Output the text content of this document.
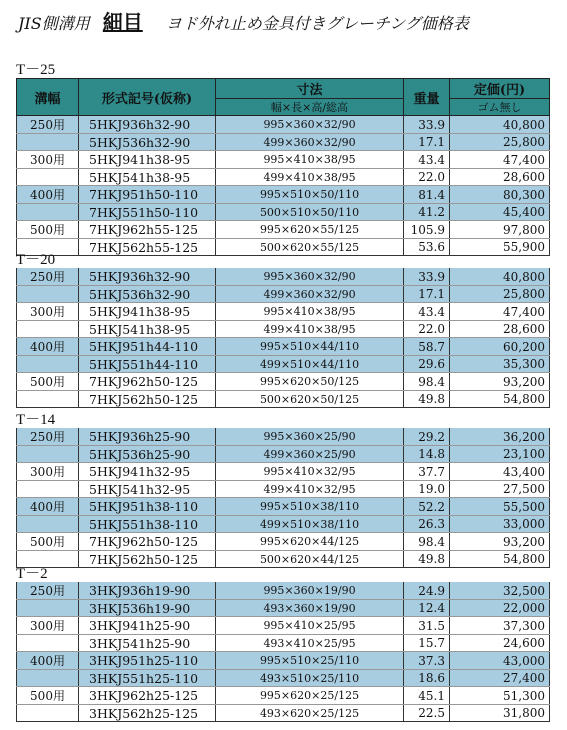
JIS側溝用 細目 ヨド外れ止め金具付きグレーチング価格表
T－25
溝幅	形式記号(仮称)	寸法	重量	定価(円)
		幅×長×高/総高		ゴム無し
250用	5HKJ936h32-90	995×360×32/90	33.9	40,800
	5HKJ536h32-90	499×360×32/90	17.1	25,800
300用	5HKJ941h38-95	995×410×38/95	43.4	47,400
	5HKJ541h38-95	499×410×38/95	22.0	28,600
400用	7HKJ951h50-110	995×510×50/110	81.4	80,300
	7HKJ551h50-110	500×510×50/110	41.2	45,400
500用	7HKJ962h55-125	995×620×55/125	105.9	97,800
	7HKJ562h55-125	500×620×55/125	53.6	55,900
T－20
250用	5HKJ936h32-90	995×360×32/90	33.9	40,800
	5HKJ536h32-90	499×360×32/90	17.1	25,800
300用	5HKJ941h38-95	995×410×38/95	43.4	47,400
	5HKJ541h38-95	499×410×38/95	22.0	28,600
400用	5HKJ951h44-110	995×510×44/110	58.7	60,200
	5HKJ551h44-110	499×510×44/110	29.6	35,300
500用	7HKJ962h50-125	995×620×50/125	98.4	93,200
	7HKJ562h50-125	500×620×50/125	49.8	54,800
T－14
250用	5HKJ936h25-90	995×360×25/90	29.2	36,200
	5HKJ536h25-90	499×360×25/90	14.8	23,100
300用	5HKJ941h32-95	995×410×32/95	37.7	43,400
	5HKJ541h32-95	499×410×32/95	19.0	27,500
400用	5HKJ951h38-110	995×510×38/110	52.2	55,500
	5HKJ551h38-110	499×510×38/110	26.3	33,000
500用	7HKJ962h50-125	995×620×44/125	98.4	93,200
	7HKJ562h50-125	500×620×44/125	49.8	54,800
T－2
250用	3HKJ936h19-90	995×360×19/90	24.9	32,500
	3HKJ536h19-90	493×360×19/90	12.4	22,000
300用	3HKJ941h25-90	995×410×25/95	31.5	37,300
	3HKJ541h25-90	493×410×25/95	15.7	24,600
400用	3HKJ951h25-110	995×510×25/110	37.3	43,000
	3HKJ551h25-110	493×510×25/110	18.6	27,400
500用	3HKJ962h25-125	995×620×25/125	45.1	51,300
	3HKJ562h25-125	493×620×25/125	22.5	31,800
